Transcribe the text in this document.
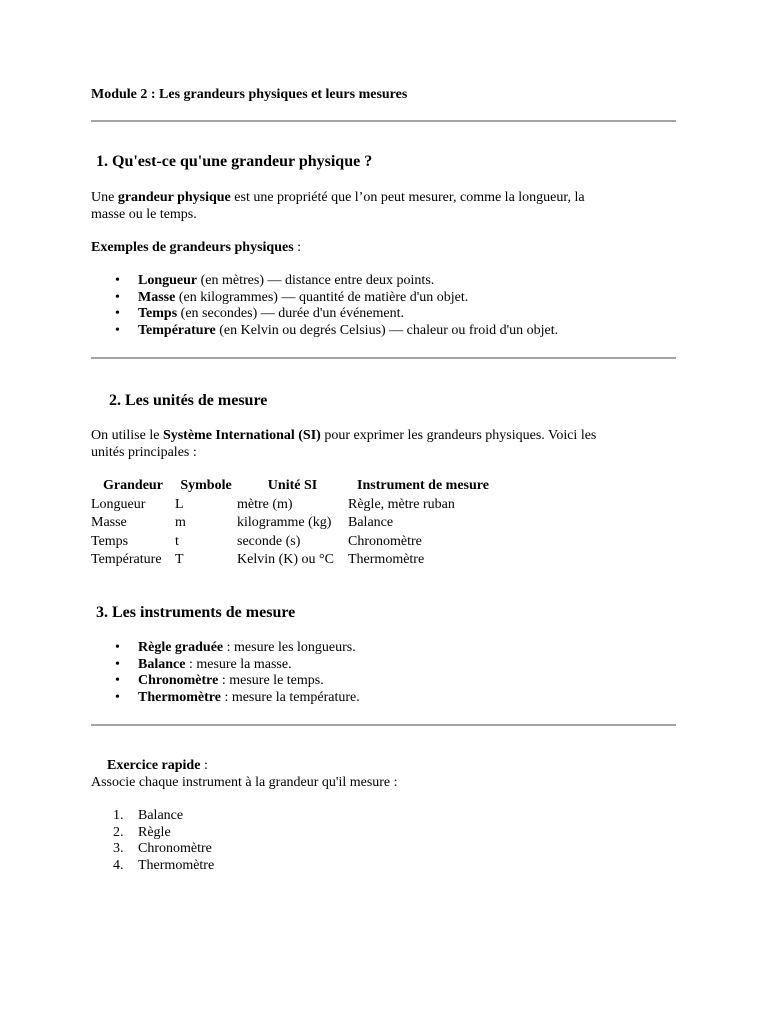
Module 2 : Les grandeurs physiques et leurs mesures
1. Qu'est-ce qu'une grandeur physique ?
Une grandeur physique est une propriété que l’on peut mesurer, comme la longueur, la
masse ou le temps.
Exemples de grandeurs physiques :
• Longueur (en mètres) — distance entre deux points.
• Masse (en kilogrammes) — quantité de matière d'un objet.
• Temps (en secondes) — durée d'un événement.
• Température (en Kelvin ou degrés Celsius) — chaleur ou froid d'un objet.
2. Les unités de mesure
On utilise le Système International (SI) pour exprimer les grandeurs physiques. Voici les
unités principales :
Grandeur	Symbole	Unité SI	Instrument de mesure
Longueur	L	mètre (m)	Règle, mètre ruban
Masse	m	kilogramme (kg)	Balance
Temps	t	seconde (s)	Chronomètre
Température	T	Kelvin (K) ou °C	Thermomètre
3. Les instruments de mesure
• Règle graduée : mesure les longueurs.
• Balance : mesure la masse.
• Chronomètre : mesure le temps.
• Thermomètre : mesure la température.
Exercice rapide :
Associe chaque instrument à la grandeur qu'il mesure :
1. Balance
2. Règle
3. Chronomètre
4. Thermomètre
